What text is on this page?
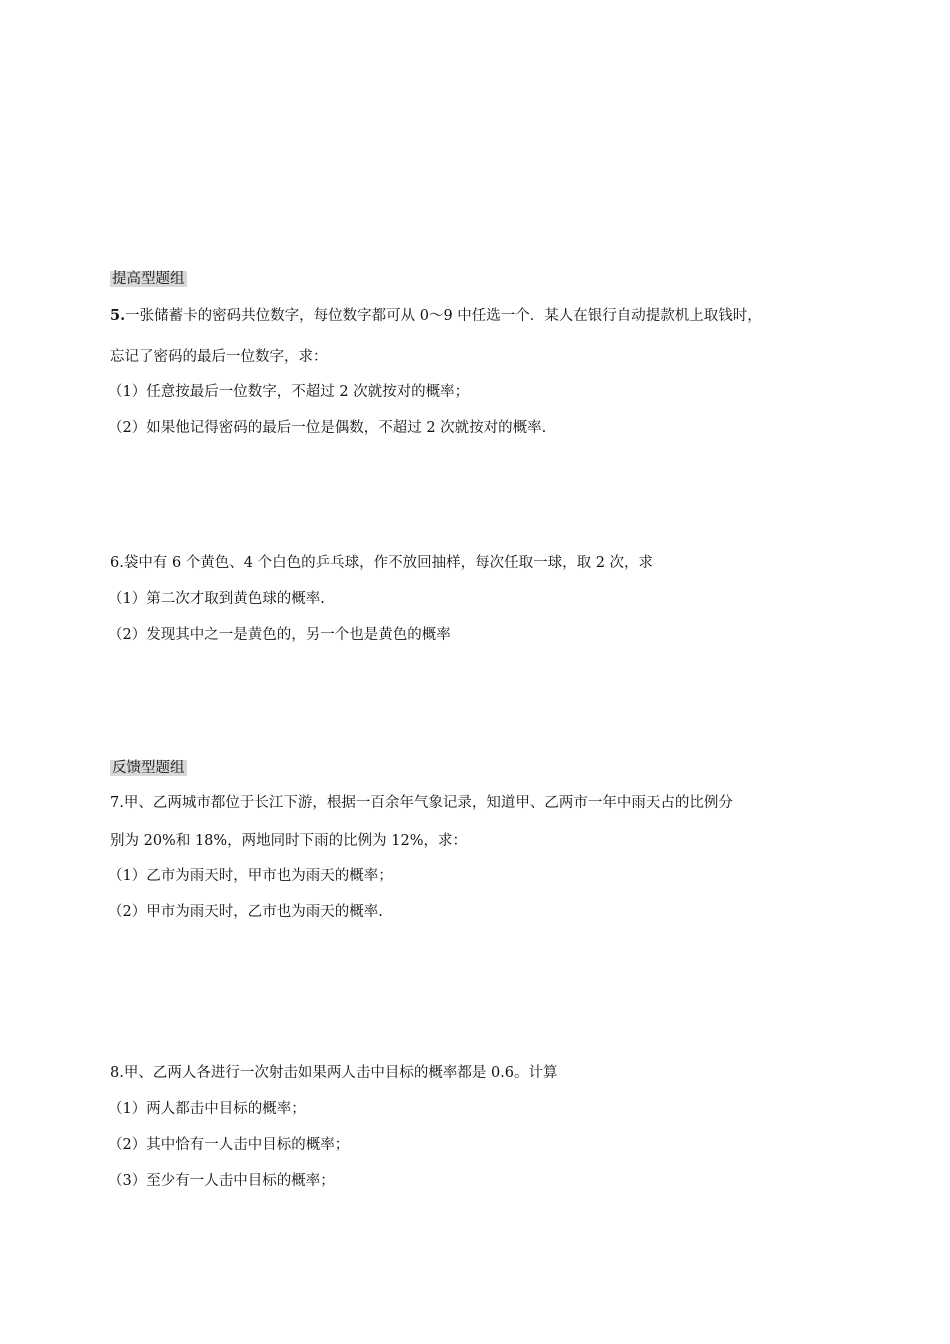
提高型题组
5.一张储蓄卡的密码共位数字，每位数字都可从 0～9 中任选一个．某人在银行自动提款机上取钱时，
忘记了密码的最后一位数字，求：
（1）任意按最后一位数字，不超过 2 次就按对的概率；
（2）如果他记得密码的最后一位是偶数，不超过 2 次就按对的概率.
6.袋中有 6 个黄色、4 个白色的乒乓球，作不放回抽样，每次任取一球，取 2 次，求
（1）第二次才取到黄色球的概率.
（2）发现其中之一是黄色的，另一个也是黄色的概率
反馈型题组
7.甲、乙两城市都位于长江下游，根据一百余年气象记录，知道甲、乙两市一年中雨天占的比例分
别为 20%和 18%，两地同时下雨的比例为 12%，求：
（1）乙市为雨天时，甲市也为雨天的概率；
（2）甲市为雨天时，乙市也为雨天的概率.
8.甲、乙两人各进行一次射击如果两人击中目标的概率都是 0.6。计算
（1）两人都击中目标的概率；
（2）其中恰有一人击中目标的概率；
（3）至少有一人击中目标的概率；
